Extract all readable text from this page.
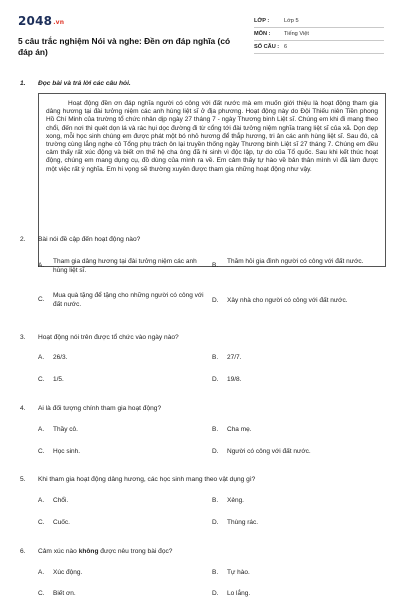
2048.vn
5 câu trắc nghiệm Nói và nghe: Đền ơn đáp nghĩa (có đáp án)
LỚP :	Lớp 5
MÔN :	Tiếng Việt
SỐ CÂU : 6
1. Đọc bài và trả lời các câu hỏi.

Hoạt động đền ơn đáp nghĩa người có công với đất nước mà em muốn giới thiệu là hoạt động tham gia dâng hương tại đài tưởng niệm các anh hùng liệt sĩ ở địa phương. Hoạt động này do Đội Thiếu niên Tiền phong Hồ Chí Minh của trường tổ chức nhân dịp ngày 27 tháng 7 - ngày Thương binh Liệt sĩ. Chúng em khi đi mang theo chổi, đến nơi thì quét dọn lá và rác hụi dọc đường đi từ cổng tới đài tưởng niệm nghĩa trang liệt sĩ của xã. Dọn dẹp xong, mỗi học sinh chúng em được phát một bó nhỏ hương để thắp hương, tri ân các anh hùng liệt sĩ. Sau đó, cả trường cùng lắng nghe cô Tổng phụ trách ôn lại truyền thống ngày Thương binh Liệt sĩ 27 tháng 7. Chúng em đều cảm thấy rất xúc động và biết ơn thế hệ cha ông đã hi sinh vì độc lập, tự do của Tổ quốc. Sau khi kết thúc hoạt động, chúng em mang dụng cụ, đồ dùng của mình ra về. Em cảm thấy tự hào về bản thân mình vì đã làm được một việc rất ý nghĩa. Em hi vọng sẽ thường xuyên được tham gia những hoạt động như vậy.

2. Bài nói đề cập đến hoạt động nào?
A.
Tham gia dâng hương tại đài tưởng niệm các anh hùng liệt sĩ.
B.
Thăm hỏi gia đình người có công với đất nước.
C.
Mua quà tặng để tặng cho những người có công với đất nước.	D. Xây nhà cho người có công với đất nước.
3. Hoạt động nói trên được tổ chức vào ngày nào?
A. 26/3.	B. 27/7.
C. 1/5.	D. 19/8.
4. Ai là đối tượng chính tham gia hoạt động?
A. Thầy cô.	B. Cha mẹ.
C. Học sinh.	D. Người có công với đất nước.
5. Khi tham gia hoạt động dâng hương, các học sinh mang theo vật dụng gì?
A. Chổi.	B. Xẻng.
C. Cuốc.	D. Thùng rác.
6. Cảm xúc nào không được nêu trong bài đọc?
A. Xúc động.	B. Tự hào.
C. Biết ơn.	D. Lo lắng.
